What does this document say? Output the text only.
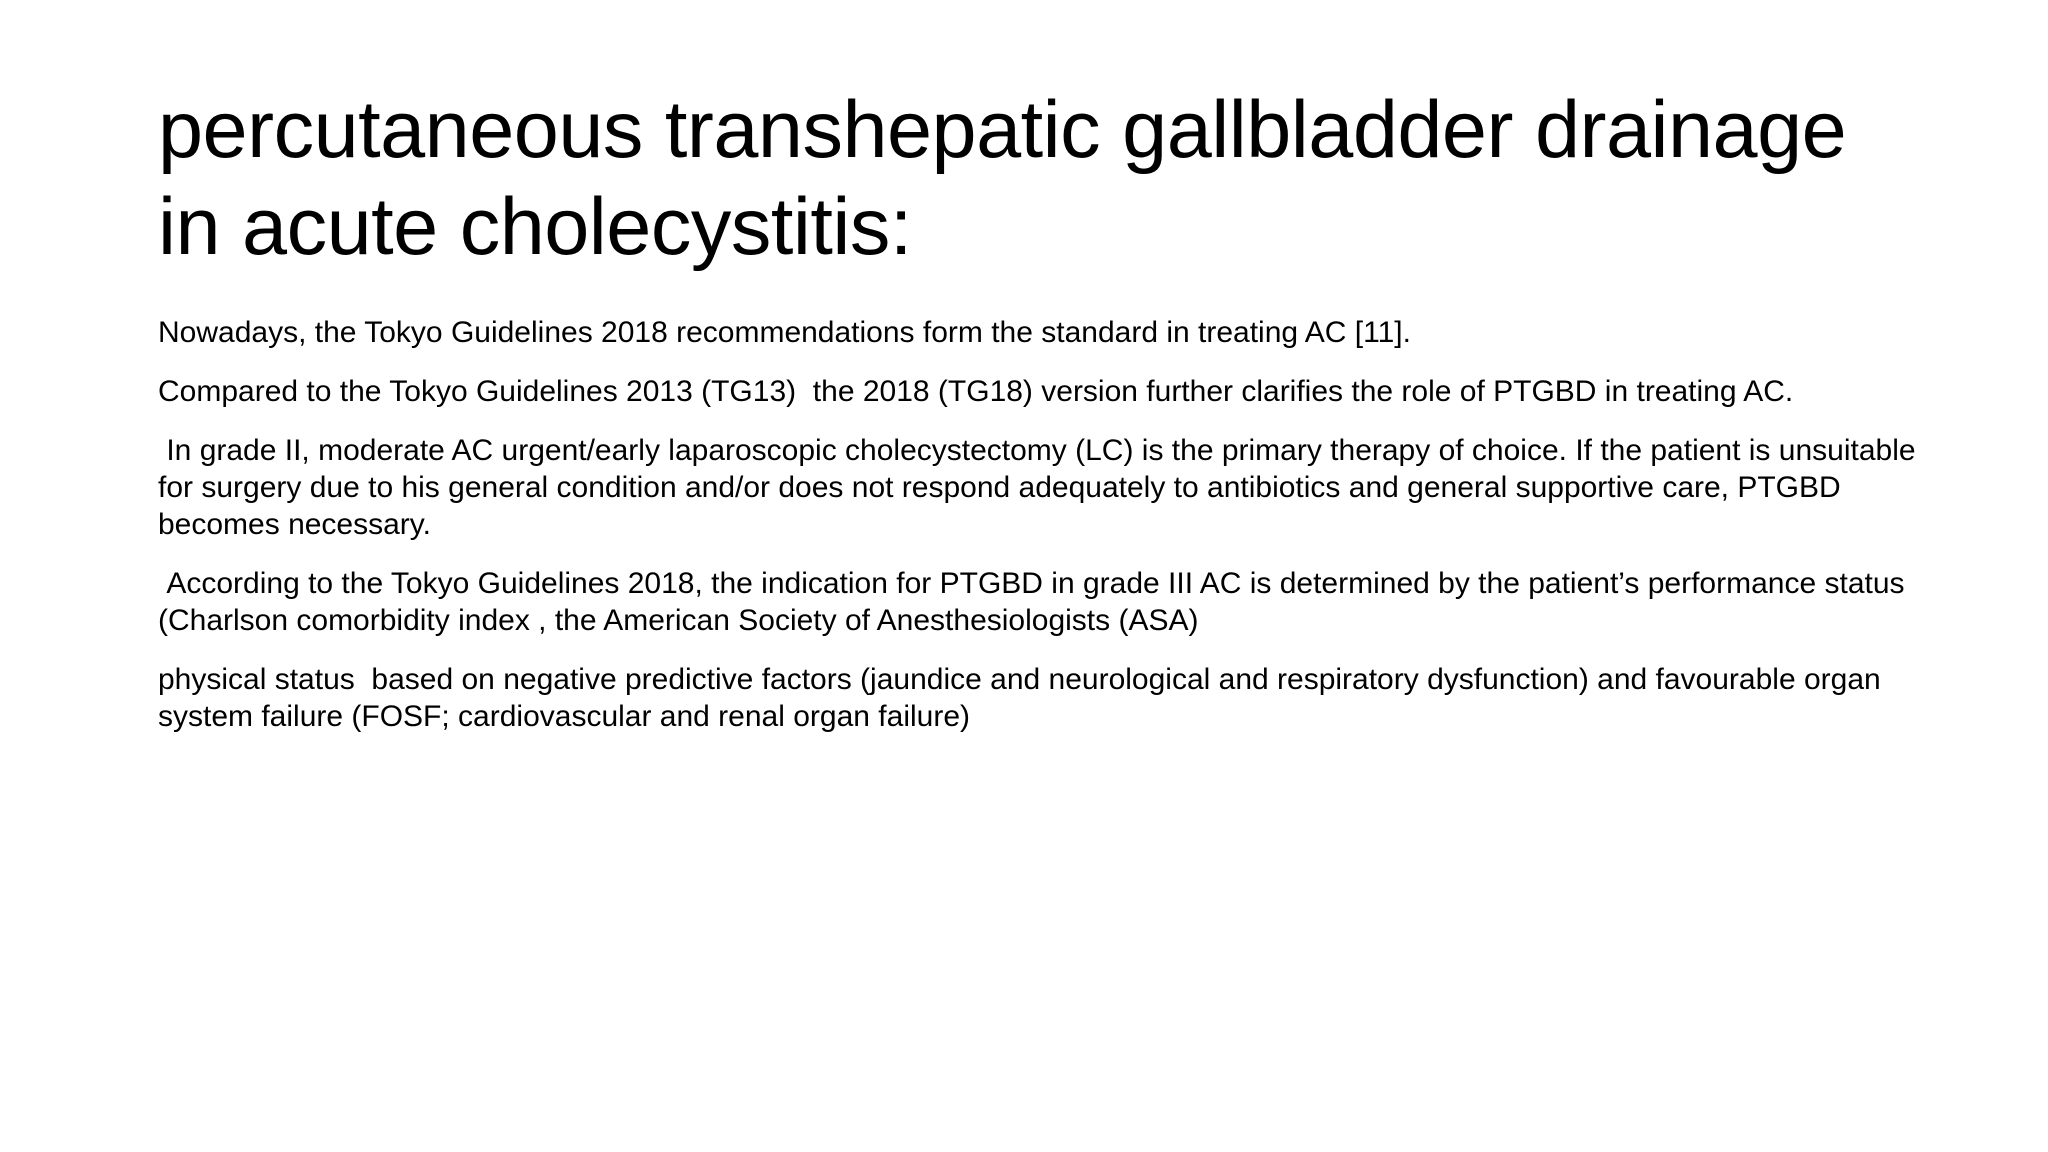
percutaneous transhepatic gallbladder drainage in acute cholecystitis:

Nowadays, the Tokyo Guidelines 2018 recommendations form the standard in treating AC [11].

Compared to the Tokyo Guidelines 2013 (TG13)  the 2018 (TG18) version further clarifies the role of PTGBD in treating AC.

In grade II, moderate AC urgent/early laparoscopic cholecystectomy (LC) is the primary therapy of choice. If the patient is unsuitable for surgery due to his general condition and/or does not respond adequately to antibiotics and general supportive care, PTGBD becomes necessary.

According to the Tokyo Guidelines 2018, the indication for PTGBD in grade III AC is determined by the patient’s performance status (Charlson comorbidity index , the American Society of Anesthesiologists (ASA)

physical status  based on negative predictive factors (jaundice and neurological and respiratory dysfunction) and favourable organ system failure (FOSF; cardiovascular and renal organ failure)
